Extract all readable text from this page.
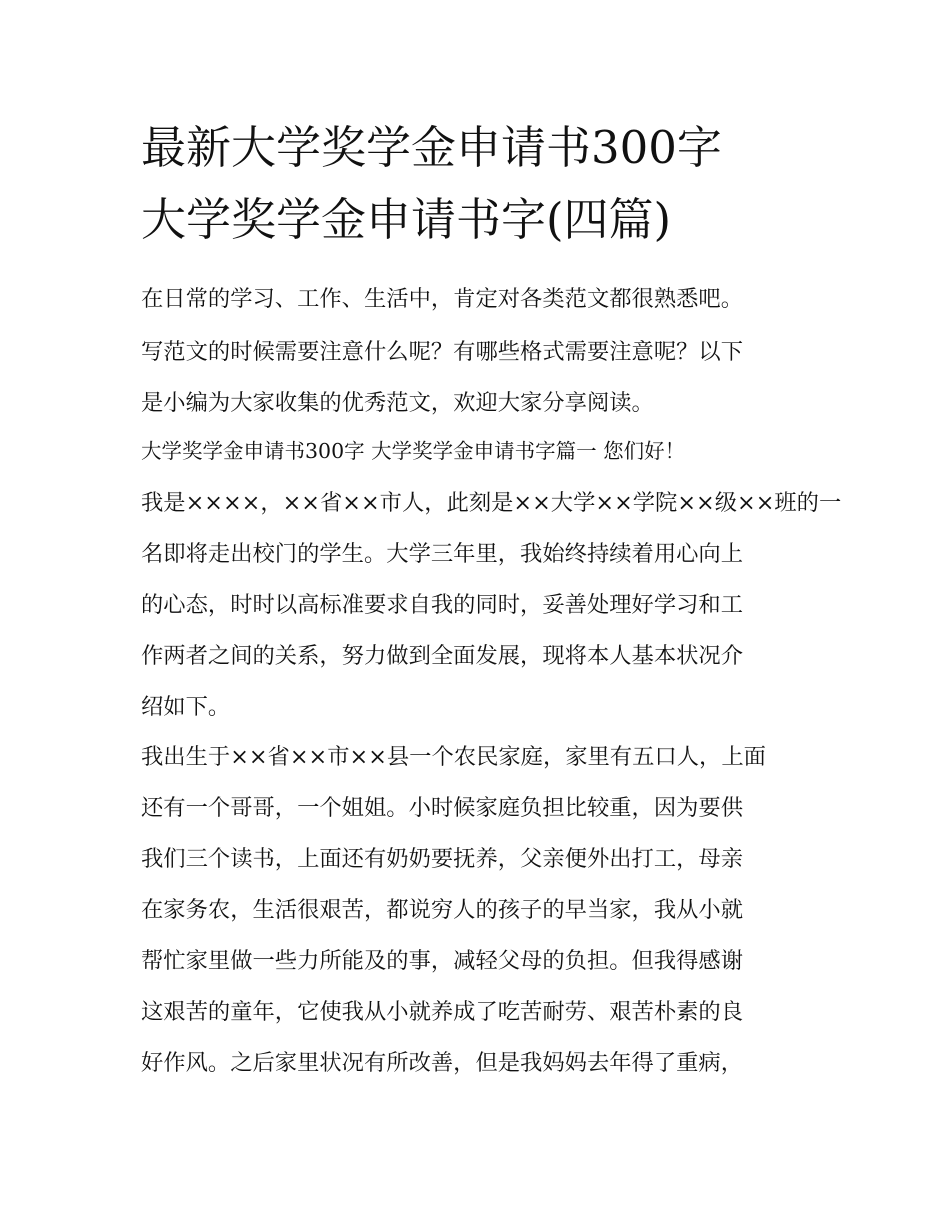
最新大学奖学金申请书300字
大学奖学金申请书字(四篇)

在日常的学习、工作、生活中，肯定对各类范文都很熟悉吧。

写范文的时候需要注意什么呢？有哪些格式需要注意呢？以下

是小编为大家收集的优秀范文，欢迎大家分享阅读。

大学奖学金申请书300字 大学奖学金申请书字篇一 您们好！

我是××××，××省××市人，此刻是××大学××学院××级××班的一

名即将走出校门的学生。大学三年里，我始终持续着用心向上

的心态，时时以高标准要求自我的同时，妥善处理好学习和工

作两者之间的关系，努力做到全面发展，现将本人基本状况介

绍如下。

我出生于××省××市××县一个农民家庭，家里有五口人，上面

还有一个哥哥，一个姐姐。小时候家庭负担比较重，因为要供

我们三个读书，上面还有奶奶要抚养，父亲便外出打工，母亲

在家务农，生活很艰苦，都说穷人的孩子的早当家，我从小就

帮忙家里做一些力所能及的事，减轻父母的负担。但我得感谢

这艰苦的童年，它使我从小就养成了吃苦耐劳、艰苦朴素的良

好作风。之后家里状况有所改善，但是我妈妈去年得了重病，
